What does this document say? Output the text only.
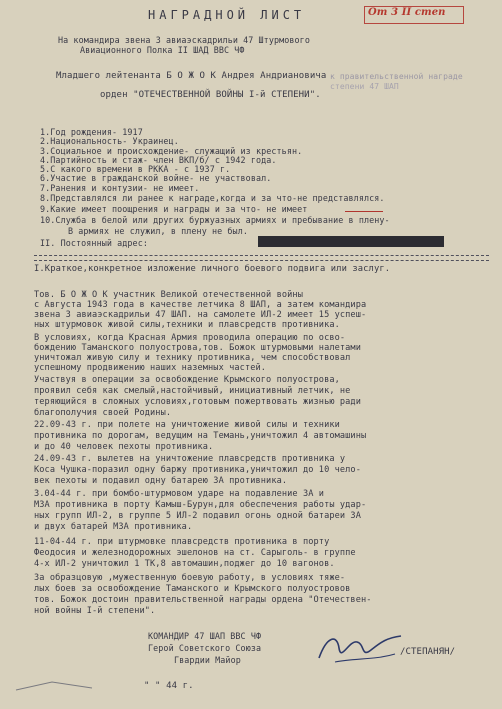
НАГРАДНОЙ ЛИСТ	От 3 II степ
На командира звена 3 авиаэскадрильи 47 Штурмового
Авиационного Полка II ШАД ВВС ЧФ
к правительственной награде
степени 47 ШАП
Младшего лейтенанта Б О Ж О К Андрея Андриановича
орден "ОТЕЧЕСТВЕННОЙ ВОЙНЫ I-й СТЕПЕНИ".
1.Год рождения- 1917
2.Национальность- Украинец.
3.Социальное и происхождение- служащий из крестьян.
4.Партийность и стаж- член ВКП/б/ с 1942 года.
5.С какого времени в РККА - с 1937 г.
6.Участие в гражданской войне- не участвовал.
7.Ранения и контузии- не имеет.
8.Представлялся ли ранее к награде,когда и за что-не представлялся.
9.Какие имеет поощрения и награды и за что- не имеет
10.Служба в белой или других буржуазных армиях и пребывание в плену-
В армиях не служил, в плену не был.
II. Постоянный адрес:
I.Краткое,конкретное изложение личного боевого подвига или заслуг.
Тов. Б О Ж О К участник Великой отечественной войны
с Августа 1943 года в качестве летчика 8 ШАП, а затем командира
звена 3 авиаэскадрильи 47 ШАП. на самолете ИЛ-2 имеет 15 успеш-
ных штурмовок живой силы,техники и плавсредств противника.
В условиях, когда Красная Армия проводила операцию по осво-
бождению Таманского полуострова,тов. Божок штурмовыми налетами
уничтожал живую силу и технику противника, чем способствовал
успешному продвижению наших наземных частей.
Участвуя в операции за освобождение Крымского полуострова,
проявил себя как смелый,настойчивый, инициативный летчик, не
теряющийся в сложных условиях,готовым пожертвовать жизнью ради
благополучия своей Родины.
22.09-43 г. при полете на уничтожение живой силы и техники
противника по дорогам, ведущим на Темань,уничтожил 4 автомашины
и до 40 человек пехоты противника.
24.09-43 г. вылетев на уничтожение плавсредств противника у
Коса Чушка-поразил одну баржу противника,уничтожил до 10 чело-
век пехоты и подавил одну батарею ЗА противника.
3.04-44 г. при бомбо-штурмовом ударе на подавление ЗА и
МЗА противника в порту Камыш-Бурун,для обеспечения работы удар-
ных групп ИЛ-2, в группе 5 ИЛ-2 подавил огонь одной батареи ЗА
и двух батарей МЗА противника.
11-04-44 г. при штурмовке плавсредств противника в порту
Феодосия и железнодорожных эшелонов на ст. Сарыголь- в группе
4-х ИЛ-2 уничтожил 1 ТК,8 автомашин,поджег до 10 вагонов.
За образцовую ,мужественную боевую работу, в условиях тяже-
лых боев за освобождение Таманского и Крымского полуостровов
тов. Божок достоин правительственной награды ордена "Отечествен-
ной войны I-й степени".
КОМАНДИР 47 ШАП ВВС ЧФ
Герой Советского Союза
Гвардии Майор
/СТЕПАНЯН/
" " 44 г.
